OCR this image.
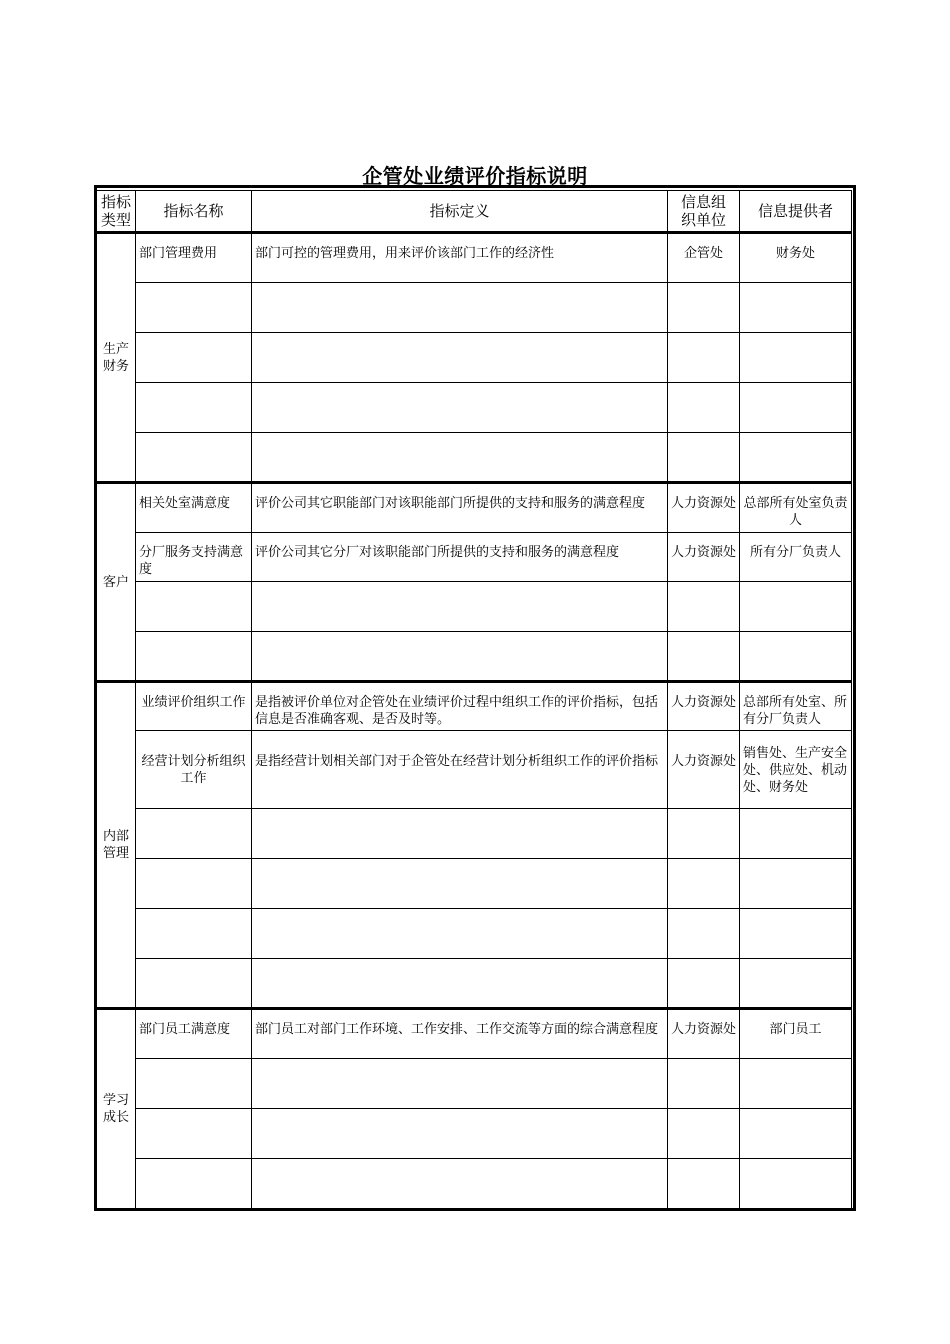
企管处业绩评价指标说明
指标类型	指标名称	指标定义	信息组织单位	信息提供者
生产财务	部门管理费用	部门可控的管理费用，用来评价该部门工作的经济性	企管处	财务处

客户	相关处室满意度	评价公司其它职能部门对该职能部门所提供的支持和服务的满意程度	人力资源处	总部所有处室负责人
	分厂服务支持满意度	评价公司其它分厂对该职能部门所提供的支持和服务的满意程度	人力资源处	所有分厂负责人

内部管理	业绩评价组织工作	是指被评价单位对企管处在业绩评价过程中组织工作的评价指标，包括信息是否准确客观、是否及时等。	人力资源处	总部所有处室、所有分厂负责人
	经营计划分析组织工作	是指经营计划相关部门对于企管处在经营计划分析组织工作的评价指标	人力资源处	销售处、生产安全处、供应处、机动处、财务处

学习成长	部门员工满意度	部门员工对部门工作环境、工作安排、工作交流等方面的综合满意程度	人力资源处	部门员工
